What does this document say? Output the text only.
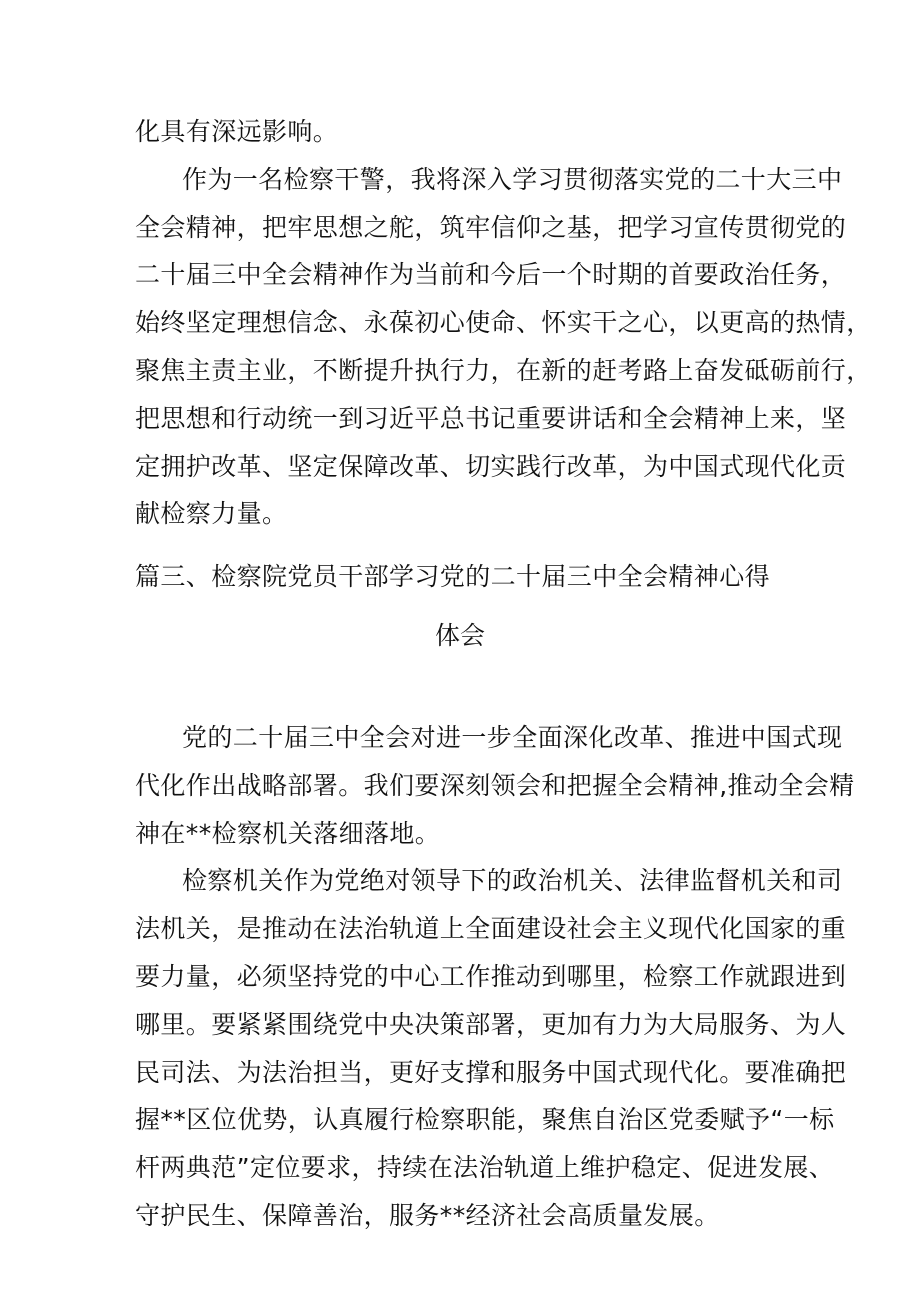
化具有深远影响。
作为一名检察干警，我将深入学习贯彻落实党的二十大三中
全会精神，把牢思想之舵，筑牢信仰之基，把学习宣传贯彻党的
二十届三中全会精神作为当前和今后一个时期的首要政治任务，
始终坚定理想信念、永葆初心使命、怀实干之心，以更高的热情，
聚焦主责主业，不断提升执行力，在新的赶考路上奋发砥砺前行，
把思想和行动统一到习近平总书记重要讲话和全会精神上来，坚
定拥护改革、坚定保障改革、切实践行改革，为中国式现代化贡
献检察力量。
篇三、检察院党员干部学习党的二十届三中全会精神心得
体会
党的二十届三中全会对进一步全面深化改革、推进中国式现
代化作出战略部署。我们要深刻领会和把握全会精神,推动全会精
神在**检察机关落细落地。
检察机关作为党绝对领导下的政治机关、法律监督机关和司
法机关，是推动在法治轨道上全面建设社会主义现代化国家的重
要力量，必须坚持党的中心工作推动到哪里，检察工作就跟进到
哪里。要紧紧围绕党中央决策部署，更加有力为大局服务、为人
民司法、为法治担当，更好支撑和服务中国式现代化。要准确把
握**区位优势，认真履行检察职能，聚焦自治区党委赋予“一标
杆两典范”定位要求，持续在法治轨道上维护稳定、促进发展、
守护民生、保障善治，服务**经济社会高质量发展。
